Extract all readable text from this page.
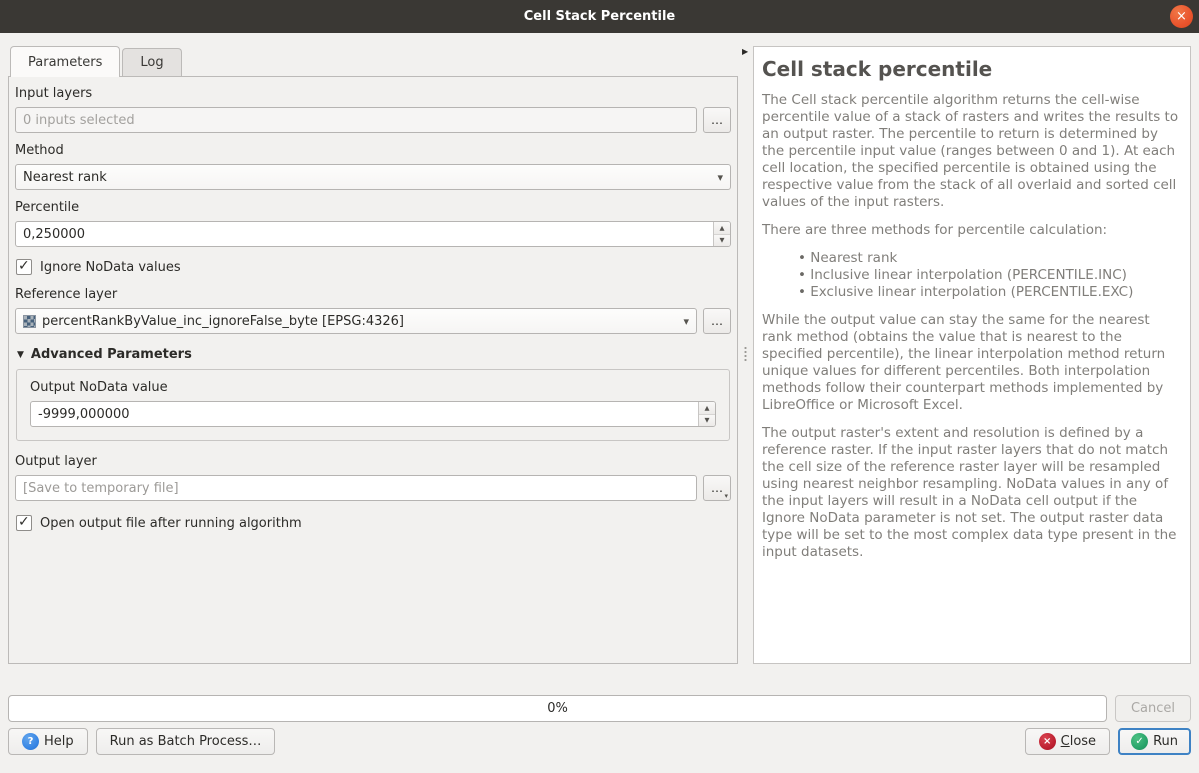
Cell Stack Percentile	×
Parameters	Log
Input layers
0 inputs selected	…
Method
Nearest rank	▾
Percentile
0,250000	▲
▼
✓ Ignore NoData values
Reference layer
percentRankByValue_inc_ignoreFalse_byte [EPSG:4326]	▾ …
▼ Advanced Parameters
Output NoData value
-9999,000000	▲
▼
Output layer
[Save to temporary file]	…
▾
✓ Open output file after running algorithm
▶
Cell stack percentile

The Cell stack percentile algorithm returns the cell-wise percentile value of a stack of rasters and writes the results to an output raster. The percentile to return is determined by the percentile input value (ranges between 0 and 1). At each cell location, the specified percentile is obtained using the respective value from the stack of all overlaid and sorted cell values of the input rasters.

There are three methods for percentile calculation:

• Nearest rank
• Inclusive linear interpolation (PERCENTILE.INC)
• Exclusive linear interpolation (PERCENTILE.EXC)

While the output value can stay the same for the nearest rank method (obtains the value that is nearest to the specified percentile), the linear interpolation method return unique values for different percentiles. Both interpolation methods follow their counterpart methods implemented by LibreOffice or Microsoft Excel.

The output raster's extent and resolution is defined by a reference raster. If the input raster layers that do not match the cell size of the reference raster layer will be resampled using nearest neighbor resampling. NoData values in any of the input layers will result in a NoData cell output if the Ignore NoData parameter is not set. The output raster data type will be set to the most complex data type present in the input datasets.

0%	Cancel
? Help	Run as Batch Process…	× Close	✓ Run
